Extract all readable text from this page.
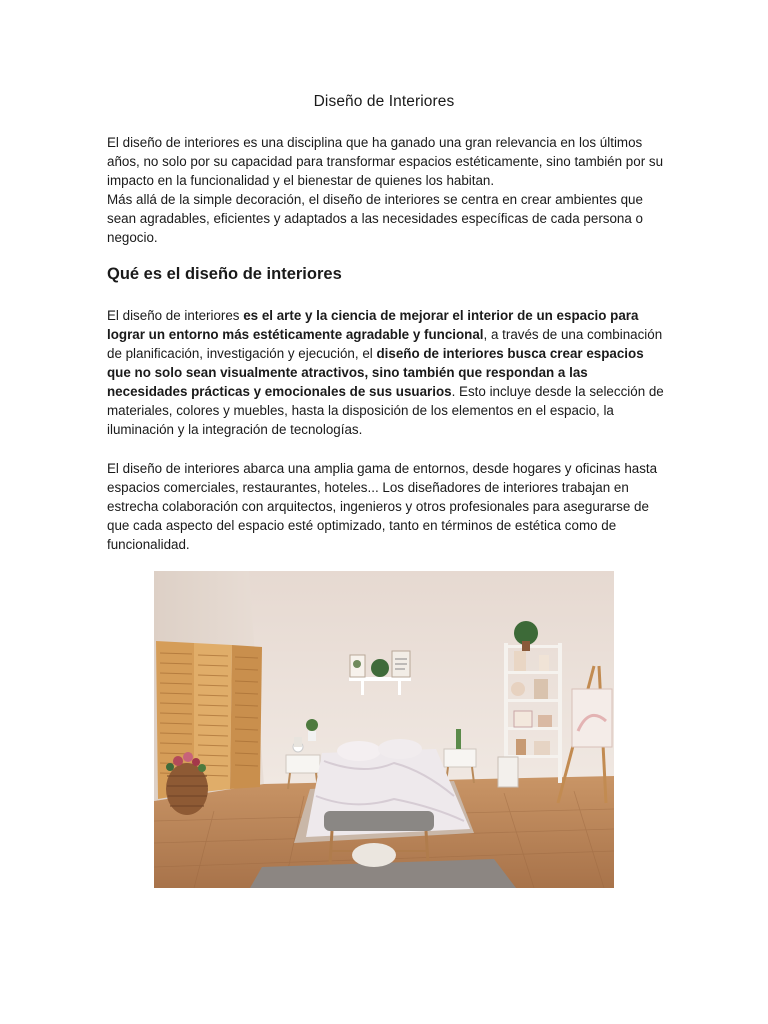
Diseño de Interiores

El diseño de interiores es una disciplina que ha ganado una gran relevancia en los últimos años, no solo por su capacidad para transformar espacios estéticamente, sino también por su impacto en la funcionalidad y el bienestar de quienes los habitan.
Más allá de la simple decoración, el diseño de interiores se centra en crear ambientes que sean agradables, eficientes y adaptados a las necesidades específicas de cada persona o negocio.

Qué es el diseño de interiores

El diseño de interiores es el arte y la ciencia de mejorar el interior de un espacio para lograr un entorno más estéticamente agradable y funcional, a través de una combinación de planificación, investigación y ejecución, el diseño de interiores busca crear espacios que no solo sean visualmente atractivos, sino también que respondan a las necesidades prácticas y emocionales de sus usuarios. Esto incluye desde la selección de materiales, colores y muebles, hasta la disposición de los elementos en el espacio, la iluminación y la integración de tecnologías.

El diseño de interiores abarca una amplia gama de entornos, desde hogares y oficinas hasta espacios comerciales, restaurantes, hoteles... Los diseñadores de interiores trabajan en estrecha colaboración con arquitectos, ingenieros y otros profesionales para asegurarse de que cada aspecto del espacio esté optimizado, tanto en términos de estética como de funcionalidad.
